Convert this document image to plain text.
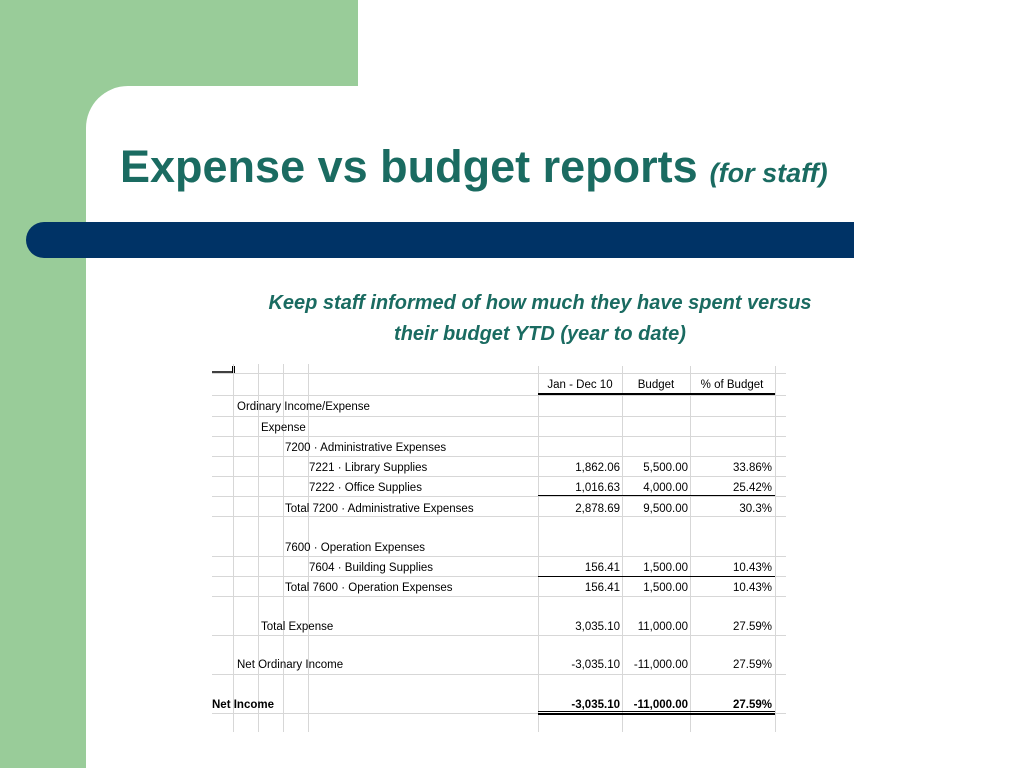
Expense vs budget reports (for staff)

Keep staff informed of how much they have spent versus
their budget YTD (year to date)

Jan - Dec 10	Budget	% of Budget
Ordinary Income/Expense
Expense
7200 · Administrative Expenses
7221 · Library Supplies	1,862.06 5,500.00	33.86%
7222 · Office Supplies	1,016.63 4,000.00	25.42%
Total 7200 · Administrative Expenses	2,878.69 9,500.00	30.3%
7600 · Operation Expenses
7604 · Building Supplies	156.41 1,500.00	10.43%
Total 7600 · Operation Expenses	156.41 1,500.00	10.43%
Total Expense	3,035.10 11,000.00	27.59%
Net Ordinary Income	-3,035.10 -11,000.00	27.59%
Net Income	-3,035.10 -11,000.00	27.59%
